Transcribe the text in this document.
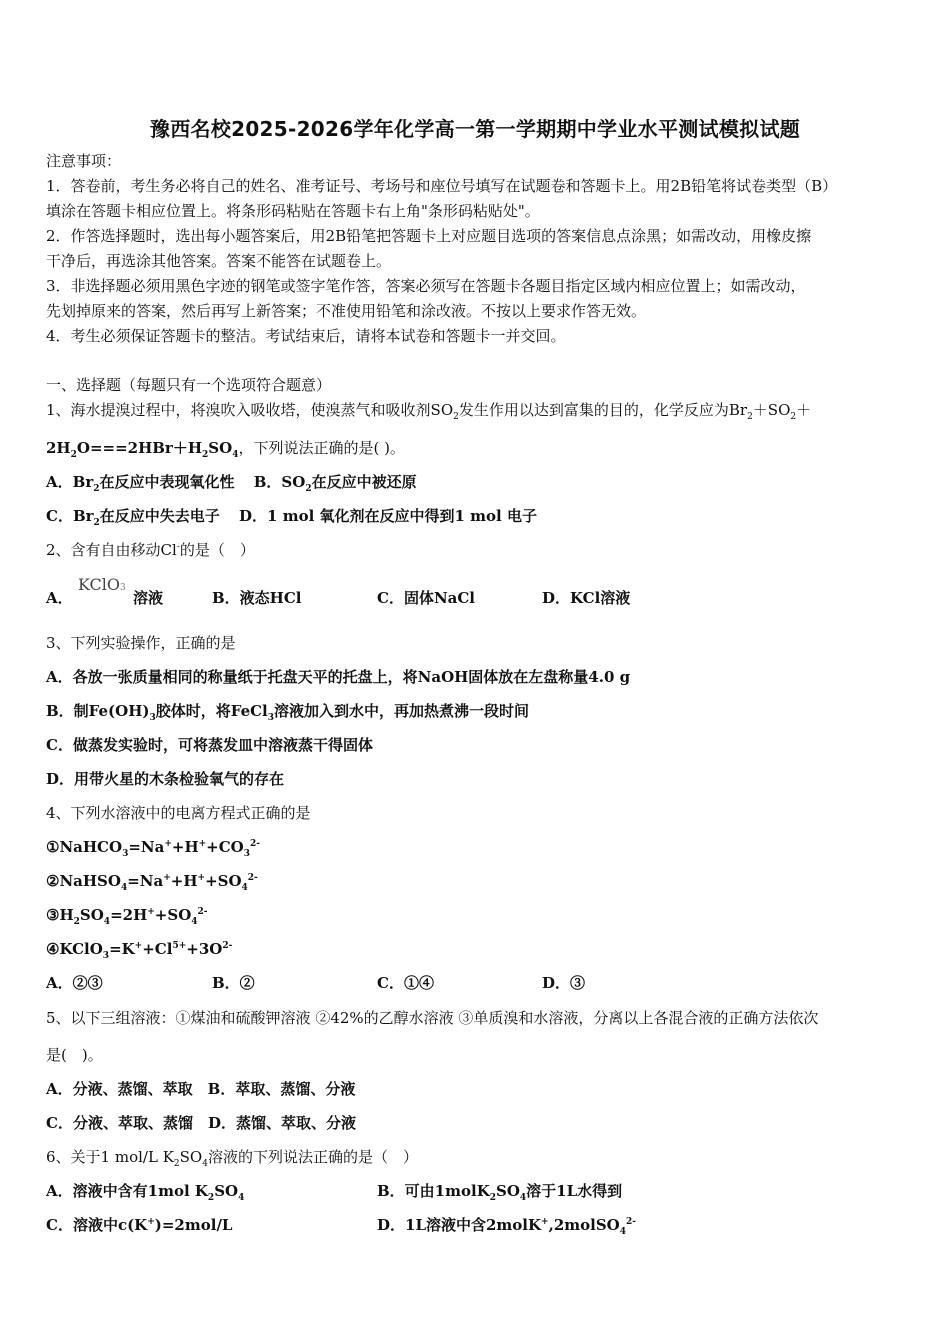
豫西名校2025-2026学年化学高一第一学期期中学业水平测试模拟试题
注意事项：
1．答卷前，考生务必将自己的姓名、准考证号、考场号和座位号填写在试题卷和答题卡上。用2B铅笔将试卷类型（B）
填涂在答题卡相应位置上。将条形码粘贴在答题卡右上角"条形码粘贴处"。
2．作答选择题时，选出每小题答案后，用2B铅笔把答题卡上对应题目选项的答案信息点涂黑；如需改动，用橡皮擦
干净后，再选涂其他答案。答案不能答在试题卷上。
3．非选择题必须用黑色字迹的钢笔或签字笔作答，答案必须写在答题卡各题目指定区域内相应位置上；如需改动，
先划掉原来的答案，然后再写上新答案；不准使用铅笔和涂改液。不按以上要求作答无效。
4．考生必须保证答题卡的整洁。考试结束后，请将本试卷和答题卡一并交回。
一、选择题（每题只有一个选项符合题意）
1、海水提溴过程中，将溴吹入吸收塔，使溴蒸气和吸收剂$SO_2$发生作用以达到富集的目的，化学反应为$Br_2+SO_2+$
$2H_2O===2HBr+H_2SO_4$，下列说法正确的是( )。
A．$Br_2$在反应中表现氧化性 B．$SO_2$在反应中被还原
C．$Br_2$在反应中失去电子 D．1 mol 氧化剂在反应中得到1 mol 电子
2、含有自由移动Cl-的是（　）
A．
KClO3
溶液	B．液态HCl	C．固体NaCl	D．KCl溶液
3、下列实验操作，正确的是
A．各放一张质量相同的称量纸于托盘天平的托盘上，将NaOH固体放在左盘称量4.0 g
B．制$Fe(OH)_3$胶体时，将FeCl$_3$溶液加入到水中，再加热煮沸一段时间
C．做蒸发实验时，可将蒸发皿中溶液蒸干得固体
D．用带火星的木条检验氧气的存在
4、下列水溶液中的电离方程式正确的是
$①NaHCO_3=Na^++H^++CO_3^{2-}$
$②NaHSO_4=Na^++H^++SO_4^{2-}$
$③H_2SO_4=2H^++SO_4^{2-}$
$④KClO_3=K^++Cl^{5+}+3O^{2-}$
A．②③	B．②	C．①④	D．③
5、以下三组溶液：①煤油和硫酸钾溶液 ②42%的乙醇水溶液 ③单质溴和水溶液，分离以上各混合液的正确方法依次
是(　)。
A．分液、蒸馏、萃取　B．萃取、蒸馏、分液
C．分液、萃取、蒸馏　D．蒸馏、萃取、分液
6、关于1 mol/L $K_2SO_4$溶液的下列说法正确的是（　）
A．溶液中含有1mol $K_2SO_4$	B．可由$1molK_2SO_4$溶于1L水得到
C．溶液中c(K+)=2mol/L	D．1L溶液中含2molK+,2molSO$_4^{2-}$
